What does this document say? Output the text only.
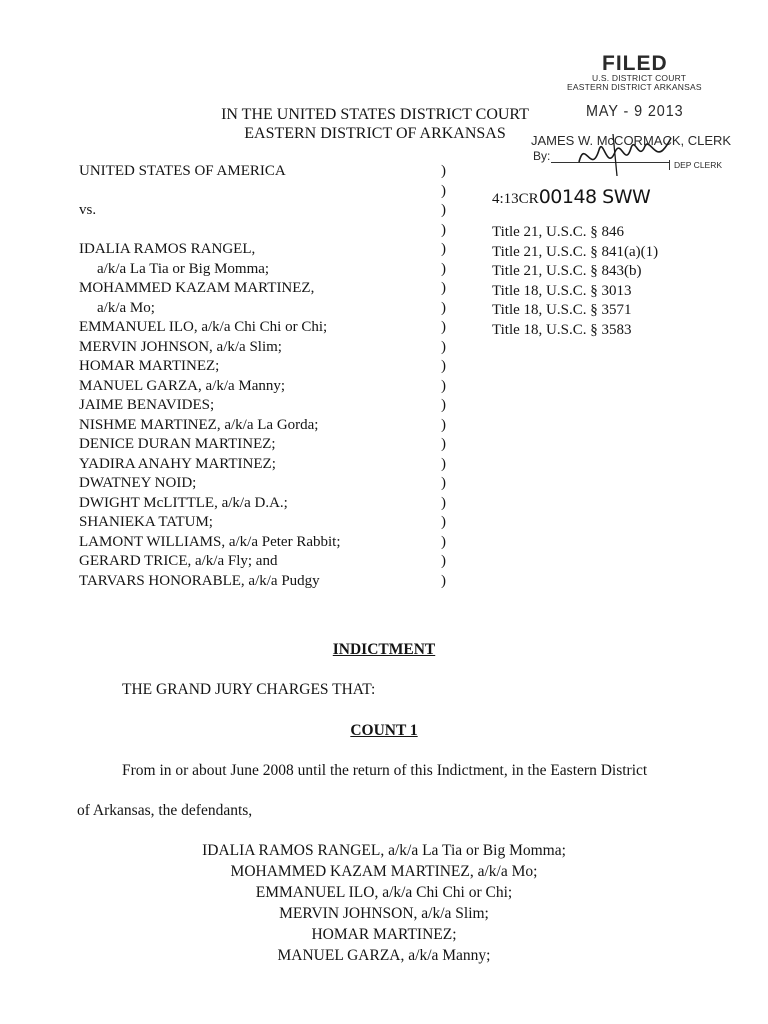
FILED
U.S. DISTRICT COURT
EASTERN DISTRICT ARKANSAS
MAY - 9 2013
JAMES W. McCORMACK, CLERK
By:
DEP CLERK
IN THE UNITED STATES DISTRICT COURT
EASTERN DISTRICT OF ARKANSAS
UNITED STATES OF AMERICA
vs.
IDALIA RAMOS RANGEL,
a/k/a La Tia or Big Momma;
MOHAMMED KAZAM MARTINEZ,
a/k/a Mo;
EMMANUEL ILO, a/k/a Chi Chi or Chi;
MERVIN JOHNSON, a/k/a Slim;
HOMAR MARTINEZ;
MANUEL GARZA, a/k/a Manny;
JAIME BENAVIDES;
NISHME MARTINEZ, a/k/a La Gorda;
DENICE DURAN MARTINEZ;
YADIRA ANAHY MARTINEZ;
DWATNEY NOID;
DWIGHT McLITTLE, a/k/a D.A.;
SHANIEKA TATUM;
LAMONT WILLIAMS, a/k/a Peter Rabbit;
GERARD TRICE, a/k/a Fly; and
TARVARS HONORABLE, a/k/a Pudgy
)
)
)
)
)
)
)
)
)
)
)
)
)
)
)
)
)
)
)
)
)
)
4:13CR00148 SWW
Title 21, U.S.C. § 846
Title 21, U.S.C. § 841(a)(1)
Title 21, U.S.C. § 843(b)
Title 18, U.S.C. § 3013
Title 18, U.S.C. § 3571
Title 18, U.S.C. § 3583
INDICTMENT
THE GRAND JURY CHARGES THAT:
COUNT 1
From in or about June 2008 until the return of this Indictment, in the Eastern District
of Arkansas, the defendants,
IDALIA RAMOS RANGEL, a/k/a La Tia or Big Momma;
MOHAMMED KAZAM MARTINEZ, a/k/a Mo;
EMMANUEL ILO, a/k/a Chi Chi or Chi;
MERVIN JOHNSON, a/k/a Slim;
HOMAR MARTINEZ;
MANUEL GARZA, a/k/a Manny;
